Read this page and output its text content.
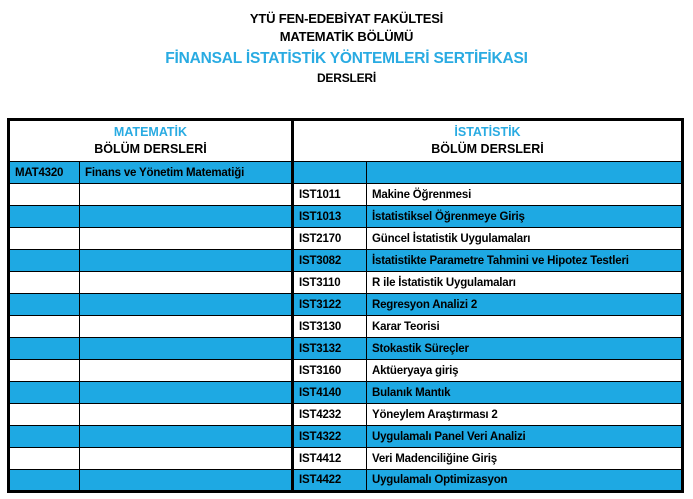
YTÜ FEN-EDEBİYAT FAKÜLTESİ
MATEMATİK BÖLÜMÜ
FİNANSAL İSTATİSTİK YÖNTEMLERİ SERTİFİKASI
DERSLERİ
MATEMATİK
BÖLÜM DERSLERİ

İSTATİSTİK
BÖLÜM DERSLERİ

MAT4320	Finans ve Yönetim Matematiği		
		IST1011	Makine Öğrenmesi
		IST1013	İstatistiksel Öğrenmeye Giriş
		IST2170	Güncel İstatistik Uygulamaları
		IST3082	İstatistikte Parametre Tahmini ve Hipotez Testleri
		IST3110	R ile İstatistik Uygulamaları
		IST3122	Regresyon Analizi 2
		IST3130	Karar Teorisi
		IST3132	Stokastik Süreçler
		IST3160	Aktüeryaya giriş
		IST4140	Bulanık Mantık
		IST4232	Yöneylem Araştırması 2
		IST4322	Uygulamalı Panel Veri Analizi
		IST4412	Veri Madenciliğine Giriş
		IST4422	Uygulamalı Optimizasyon
